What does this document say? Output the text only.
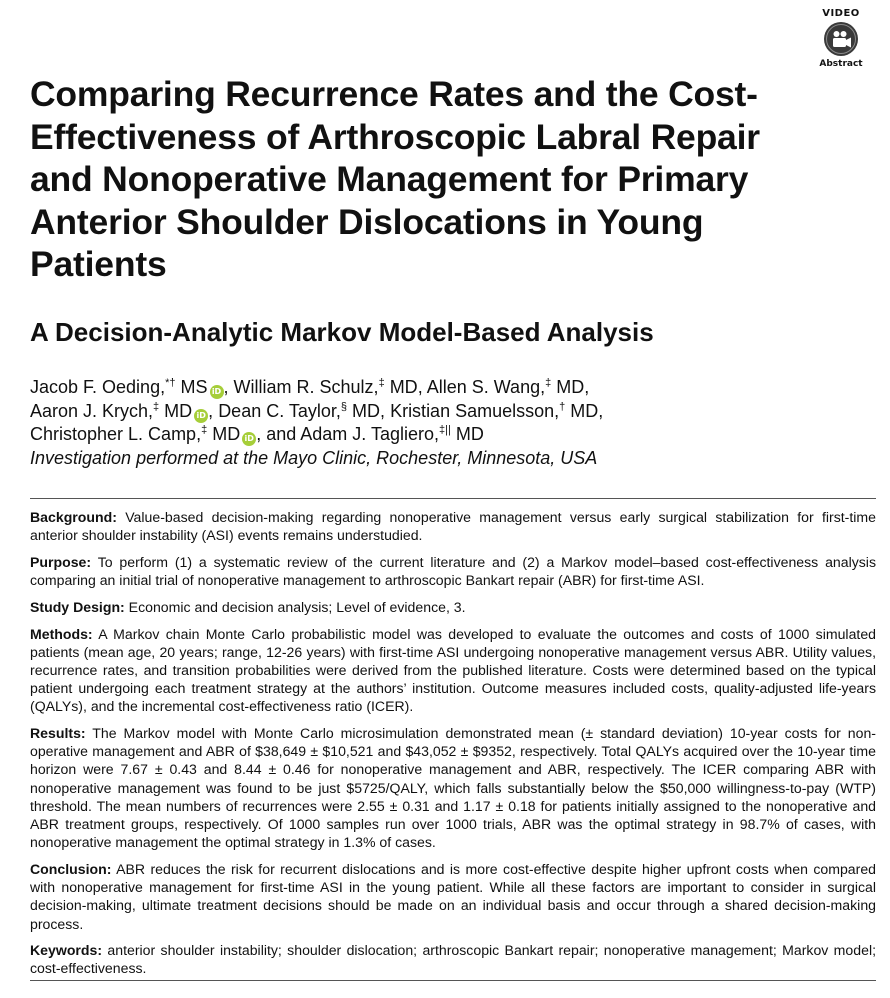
VIDEO
Abstract
Comparing Recurrence Rates and the Cost-Effectiveness of Arthroscopic Labral Repair and Nonoperative Management for Primary Anterior Shoulder Dislocations in Young Patients
A Decision-Analytic Markov Model-Based Analysis
Jacob F. Oeding,*† MS iD , William R. Schulz,‡ MD, Allen S. Wang,‡ MD,
Aaron J. Krych,‡ MD iD , Dean C. Taylor,§ MD, Kristian Samuelsson,† MD,
Christopher L. Camp,‡ MD iD , and Adam J. Tagliero,‡|| MD
Investigation performed at the Mayo Clinic, Rochester, Minnesota, USA

Background: Value-based decision-making regarding nonoperative management versus early surgical stabilization for first-time anterior shoulder instability (ASI) events remains understudied.

Purpose: To perform (1) a systematic review of the current literature and (2) a Markov model–based cost-effectiveness analysis comparing an initial trial of nonoperative management to arthroscopic Bankart repair (ABR) for first-time ASI.

Study Design: Economic and decision analysis; Level of evidence, 3.

Methods: A Markov chain Monte Carlo probabilistic model was developed to evaluate the outcomes and costs of 1000 simulated patients (mean age, 20 years; range, 12-26 years) with first-time ASI undergoing nonoperative management versus ABR. Utility values, recurrence rates, and transition probabilities were derived from the published literature. Costs were determined based on the typical patient undergoing each treatment strategy at the authors’ institution. Outcome measures included costs, quality-adjusted life-years (QALYs), and the incremental cost-effectiveness ratio (ICER).

Results: The Markov model with Monte Carlo microsimulation demonstrated mean (± standard deviation) 10-year costs for non-operative management and ABR of $38,649 ± $10,521 and $43,052 ± $9352, respectively. Total QALYs acquired over the 10-year time horizon were 7.67 ± 0.43 and 8.44 ± 0.46 for nonoperative management and ABR, respectively. The ICER comparing ABR with nonoperative management was found to be just $5725/QALY, which falls substantially below the $50,000 willingness-to-pay (WTP) threshold. The mean numbers of recurrences were 2.55 ± 0.31 and 1.17 ± 0.18 for patients initially assigned to the nonoperative and ABR treatment groups, respectively. Of 1000 samples run over 1000 trials, ABR was the optimal strategy in 98.7% of cases, with nonoperative management the optimal strategy in 1.3% of cases.

Conclusion: ABR reduces the risk for recurrent dislocations and is more cost-effective despite higher upfront costs when compared with nonoperative management for first-time ASI in the young patient. While all these factors are important to consider in surgical decision-making, ultimate treatment decisions should be made on an individual basis and occur through a shared decision-making process.

Keywords: anterior shoulder instability; shoulder dislocation; arthroscopic Bankart repair; nonoperative management; Markov model; cost-effectiveness.
